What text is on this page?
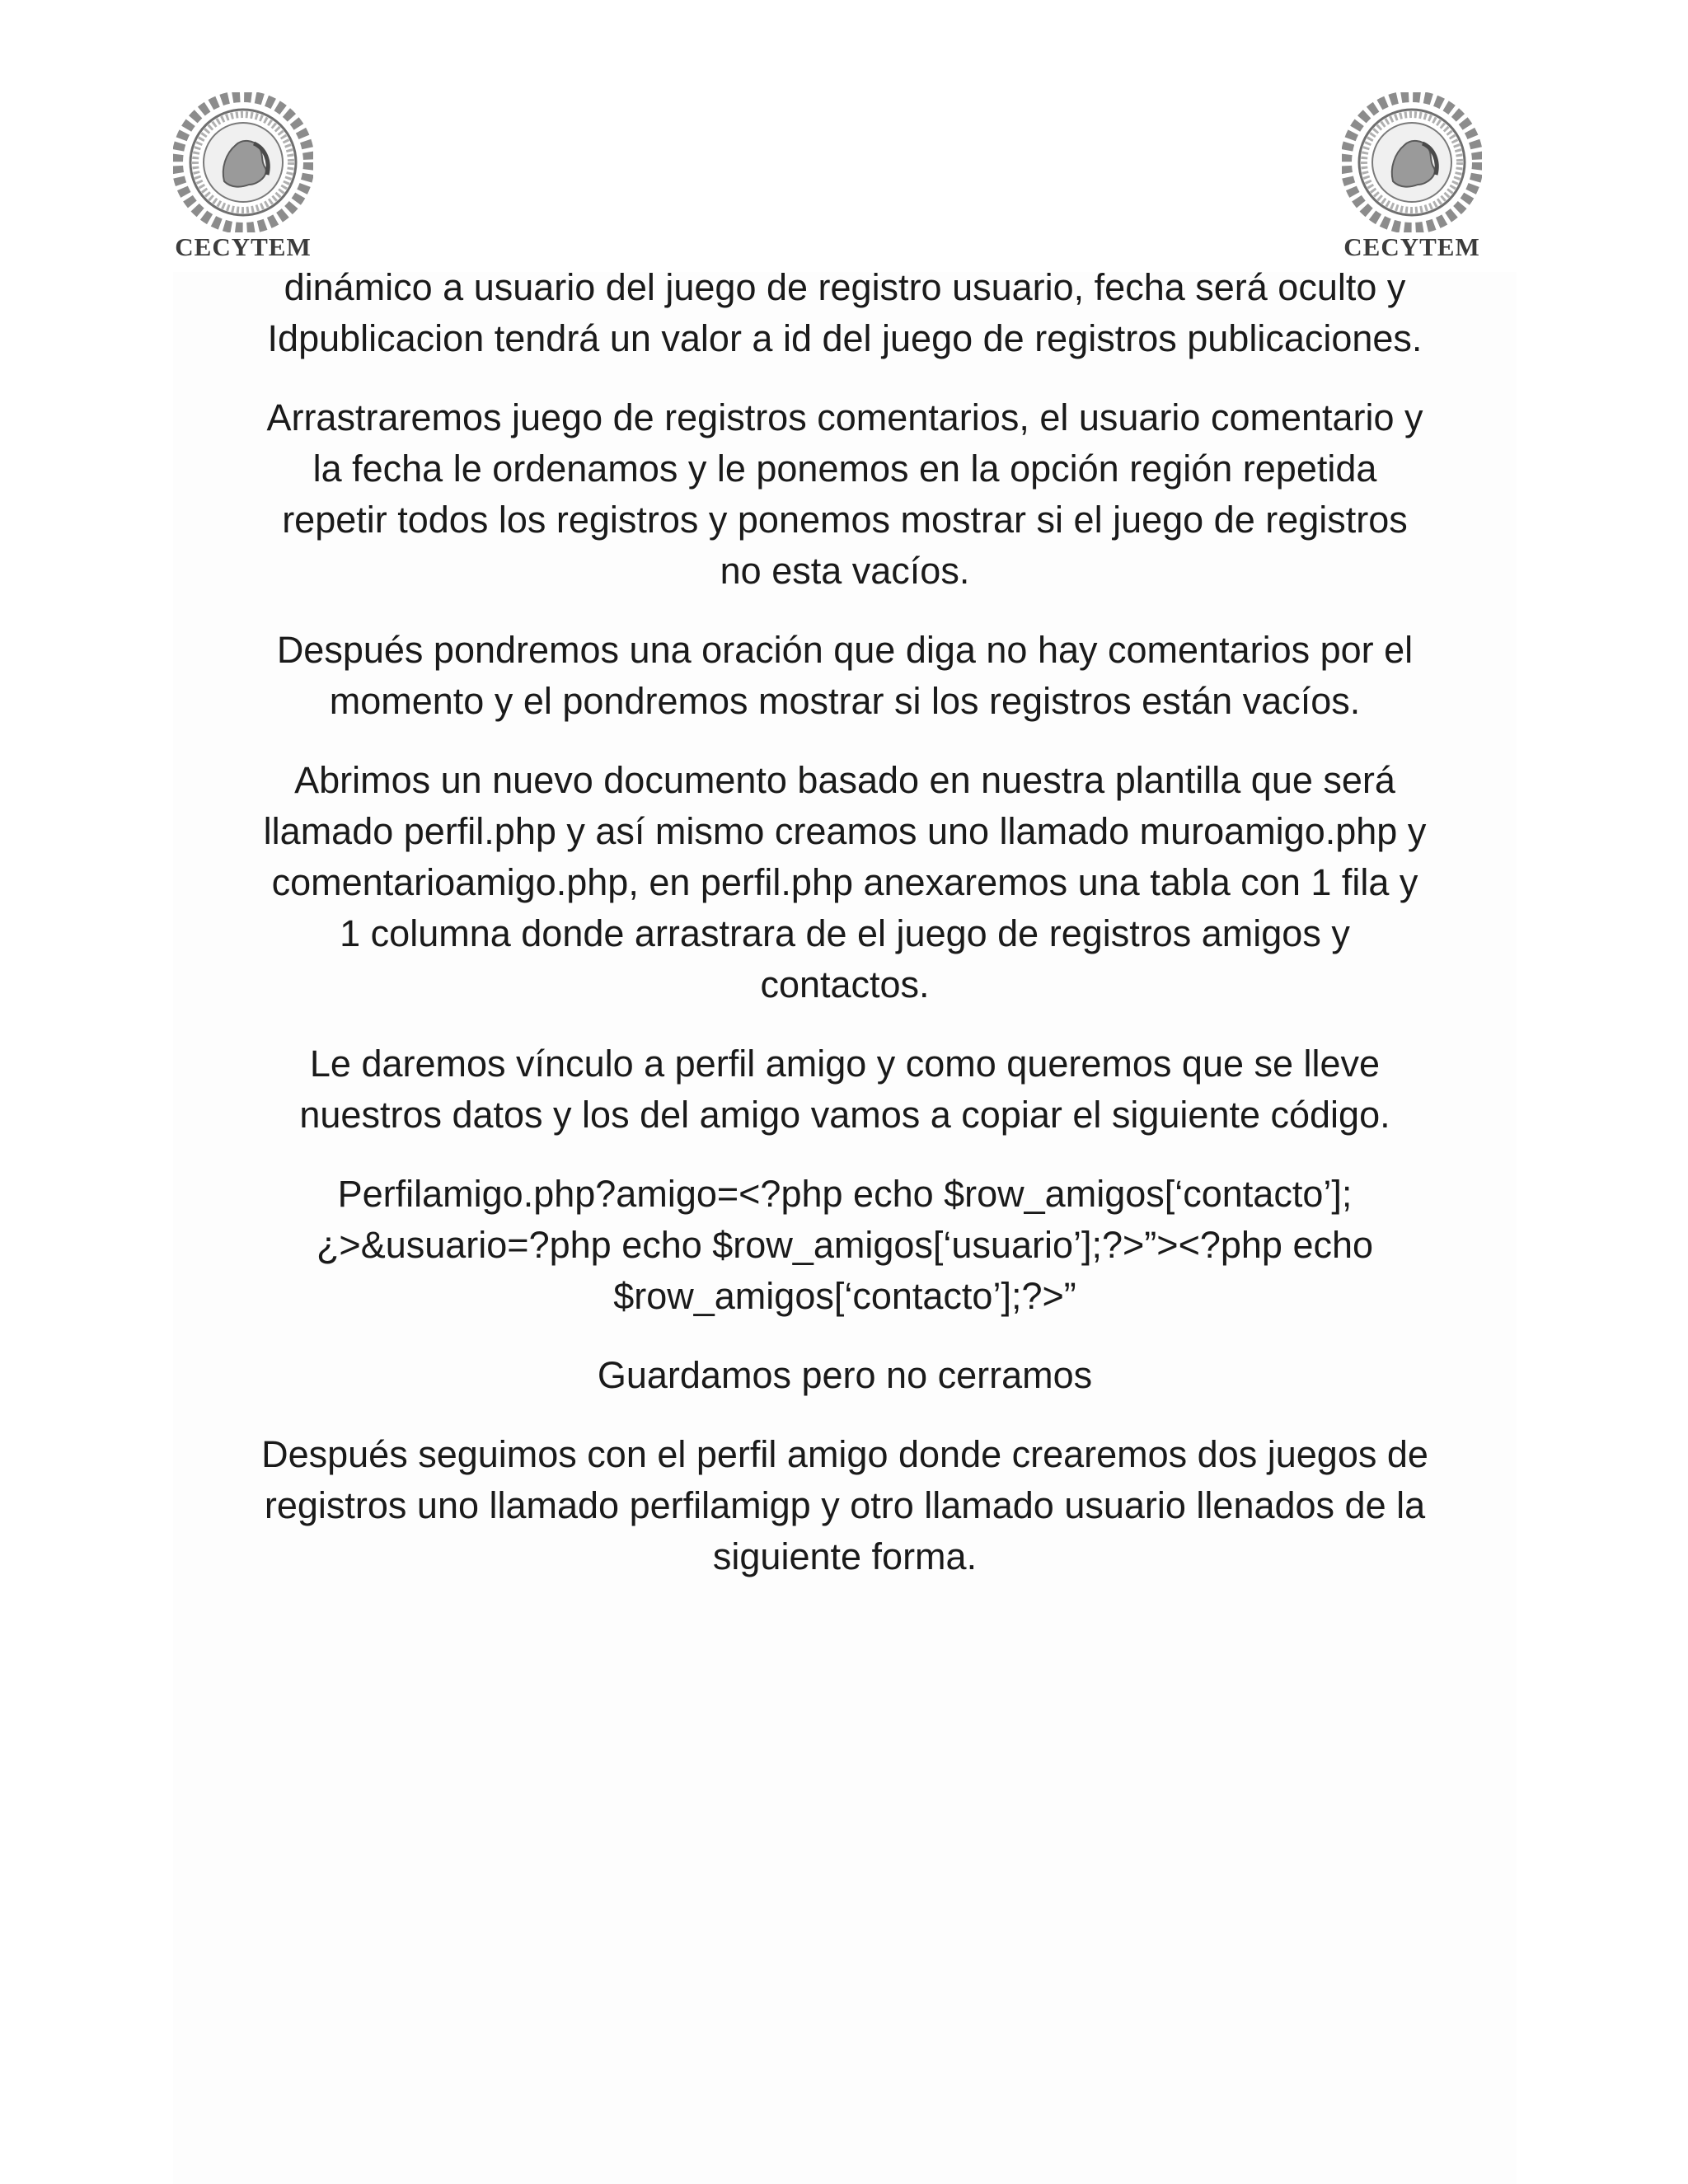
CECYTEM	CECYTEM

dinámico a usuario del juego de registro usuario, fecha será oculto y
Idpublicacion tendrá un valor a id del juego de registros publicaciones.

Arrastraremos juego de registros comentarios, el usuario comentario y
la fecha le ordenamos y le ponemos en la opción región repetida
repetir todos los registros y ponemos mostrar si el juego de registros
no esta vacíos.

Después pondremos una oración que diga no hay comentarios por el
momento y el pondremos mostrar si los registros están vacíos.

Abrimos un nuevo documento basado en nuestra plantilla que será
llamado perfil.php y así mismo creamos uno llamado muroamigo.php y
comentarioamigo.php, en perfil.php anexaremos una tabla con 1 fila y
1 columna donde arrastrara de el juego de registros amigos y
contactos.

Le daremos vínculo a perfil amigo y como queremos que se lleve
nuestros datos y los del amigo vamos a copiar el siguiente código.

Perfilamigo.php?amigo=<?php echo $row_amigos[‘contacto’];
¿>&usuario=?php echo $row_amigos[‘usuario’];?>”><?php echo
$row_amigos[‘contacto’];?>”

Guardamos pero no cerramos

Después seguimos con el perfil amigo donde crearemos dos juegos de
registros uno llamado perfilamigp y otro llamado usuario llenados de la
siguiente forma.
